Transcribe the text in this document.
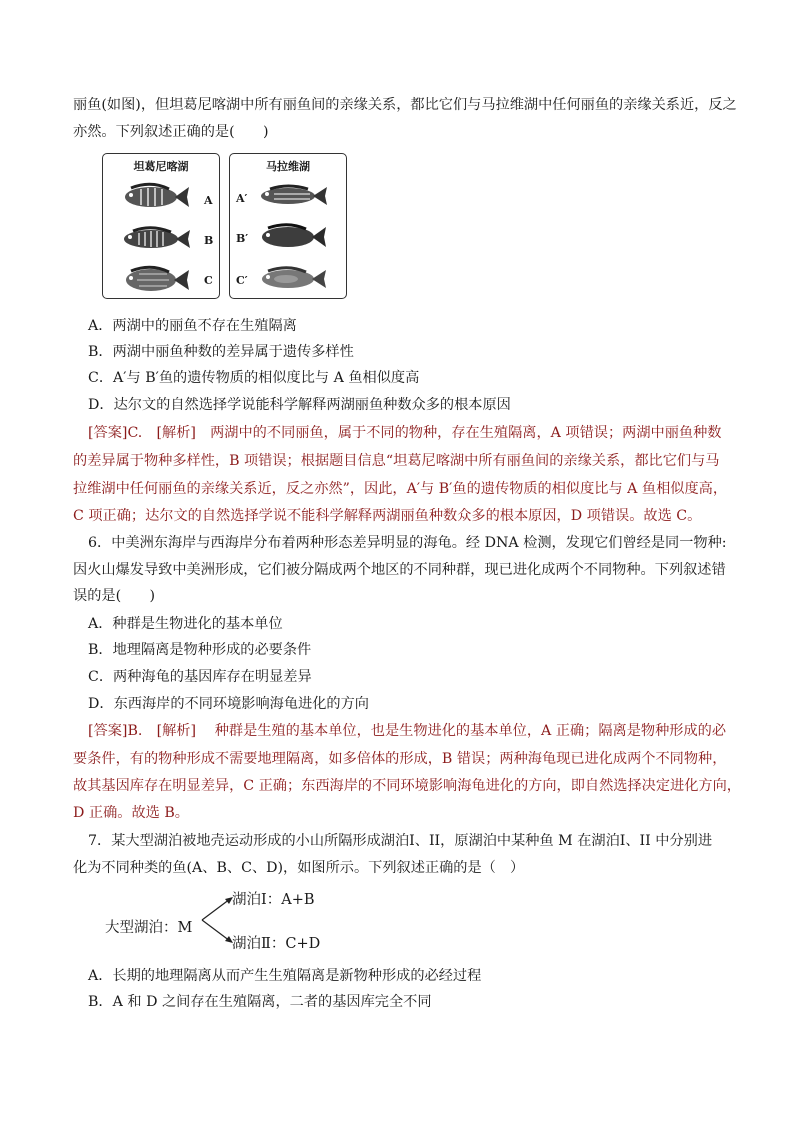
丽鱼(如图)，但坦葛尼喀湖中所有丽鱼间的亲缘关系，都比它们与马拉维湖中任何丽鱼的亲缘关系近，反之
亦然。下列叙述正确的是(　　)
坦葛尼喀湖
A
B
C
马拉维湖
A′
B′
C′
A．两湖中的丽鱼不存在生殖隔离
B．两湖中丽鱼种数的差异属于遗传多样性
C．A′与 B′鱼的遗传物质的相似度比与 A 鱼相似度高
D．达尔文的自然选择学说能科学解释两湖丽鱼种数众多的根本原因
[答案]C.　[解析]　两湖中的不同丽鱼，属于不同的物种，存在生殖隔离，A 项错误；两湖中丽鱼种数
的差异属于物种多样性，B 项错误；根据题目信息“坦葛尼喀湖中所有丽鱼间的亲缘关系，都比它们与马
拉维湖中任何丽鱼的亲缘关系近，反之亦然”，因此，A′与 B′鱼的遗传物质的相似度比与 A 鱼相似度高，
C 项正确；达尔文的自然选择学说不能科学解释两湖丽鱼种数众多的根本原因，D 项错误。故选 C。
6．中美洲东海岸与西海岸分布着两种形态差异明显的海龟。经 DNA 检测，发现它们曾经是同一物种:
因火山爆发导致中美洲形成，它们被分隔成两个地区的不同种群，现已进化成两个不同物种。下列叙述错
误的是(　　)
A．种群是生物进化的基本单位
B．地理隔离是物种形成的必要条件
C．两种海龟的基因库存在明显差异
D．东西海岸的不同环境影响海龟进化的方向
[答案]B.　[解析]　 种群是生殖的基本单位，也是生物进化的基本单位，A 正确；隔离是物种形成的必
要条件，有的物种形成不需要地理隔离，如多倍体的形成，B 错误；两种海龟现已进化成两个不同物种，
故其基因库存在明显差异，C 正确；东西海岸的不同环境影响海龟进化的方向，即自然选择决定进化方向，
D 正确。故选 B。
7．某大型湖泊被地壳运动形成的小山所隔形成湖泊Ⅰ、II，原湖泊中某种鱼 M 在湖泊Ⅰ、II 中分别进
化为不同种类的鱼(A、B、C、D)，如图所示。下列叙述正确的是（　）
大型湖泊：M
湖泊Ⅰ：A+B
湖泊Ⅱ：C+D
A．长期的地理隔离从而产生生殖隔离是新物种形成的必经过程
B．A 和 D 之间存在生殖隔离，二者的基因库完全不同
